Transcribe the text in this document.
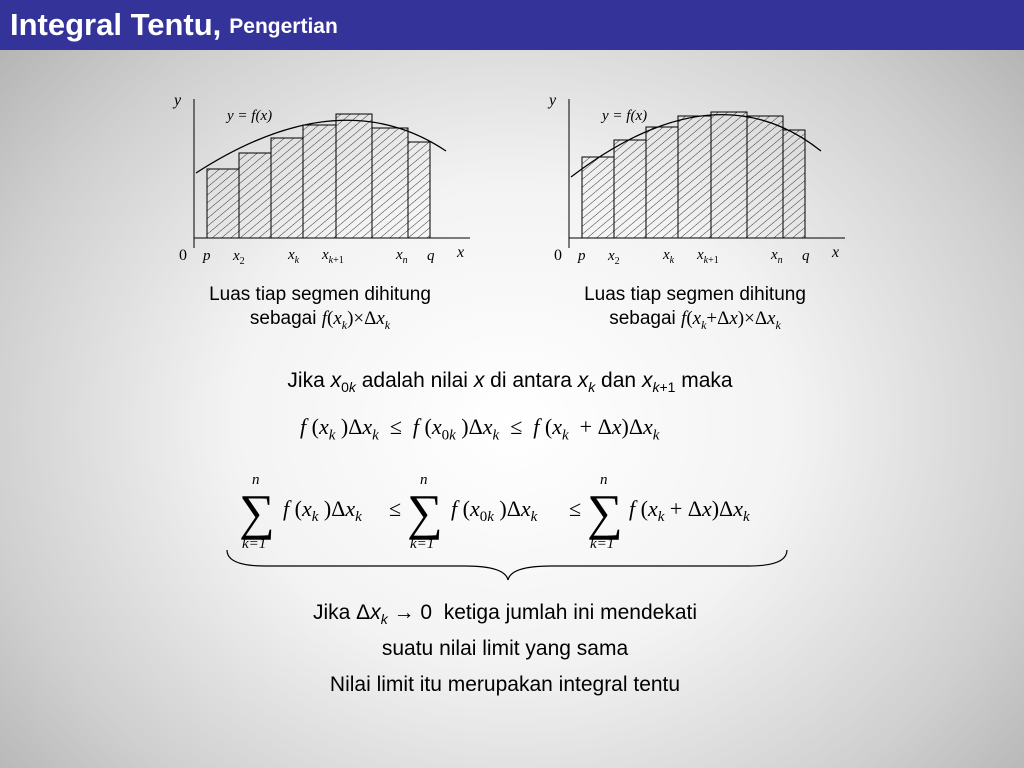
Integral Tentu, Pengertian
y
x
y = f(x)
0 p $x_2$	$x_k$ $x_k+1$	$x_n$ q
Luas tiap segmen dihitung
sebagai $f(x_k)\times\Delta x_k$
y
x
y = f(x)
0 p $x_2$	$x_k$ $x_k+1$	$x_n$ q
Luas tiap segmen dihitung
sebagai $f(x_k+\Delta x)\times\Delta x_k$
Jika $x_{0k}$ adalah nilai x di antara $x_k$ dan $x_{k+1}$ maka
f ($x_k$ )$\Delta x_k \le f$ ($x_{0k}$ )$\Delta x_k \le f$ $(x_k + \Delta x)\Delta x_k$
n
∑
k=1
f ($x_k$ )$\Delta x_k$ ≤
n
∑
k=1
f ($x_0k$ )$\Delta x_k$ ≤
n
∑
k=1
f $(x_k + \Delta x)\Delta x_k$
Jika $\Delta x_k \to 0$  ketiga jumlah ini mendekati
suatu nilai limit yang sama
Nilai limit itu merupakan integral tentu
